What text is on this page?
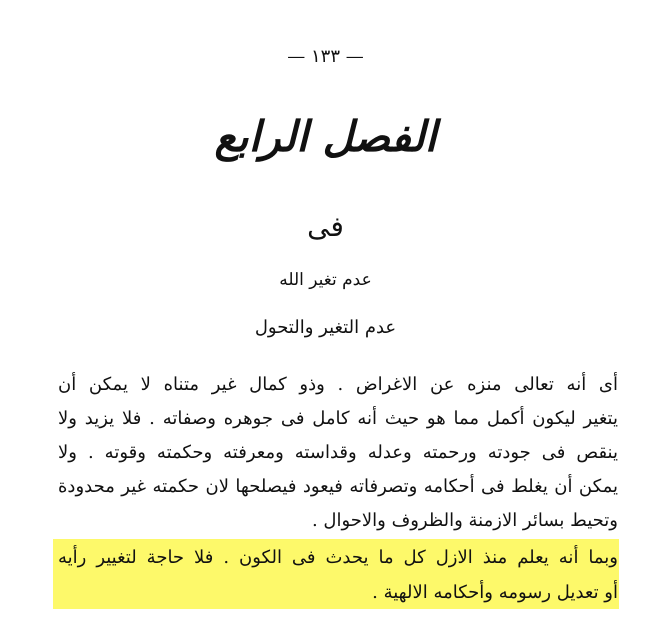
— ١٣٣ —
الفصل الرابع
فى
عدم تغير الله
عدم التغير والتحول
أى أنه تعالى منزه عن الاغراض . وذو كمال غير متناه لا يمكن أن
يتغير ليكون أكمل مما هو حيث أنه كامل فى جوهره وصفاته . فلا يزيد ولا
ينقص فى جودته ورحمته وعدله وقداسته ومعرفته وحكمته وقوته . ولا
يمكن أن يغلط فى أحكامه وتصرفاته فيعود فيصلحها لان حكمته غير محدودة
وتحيط بسائر الازمنة والظروف والاحوال .
وبما أنه يعلم منذ الازل كل ما يحدث فى الكون . فلا حاجة لتغيير رأيه
أو تعديل رسومه وأحكامه الالهية .
